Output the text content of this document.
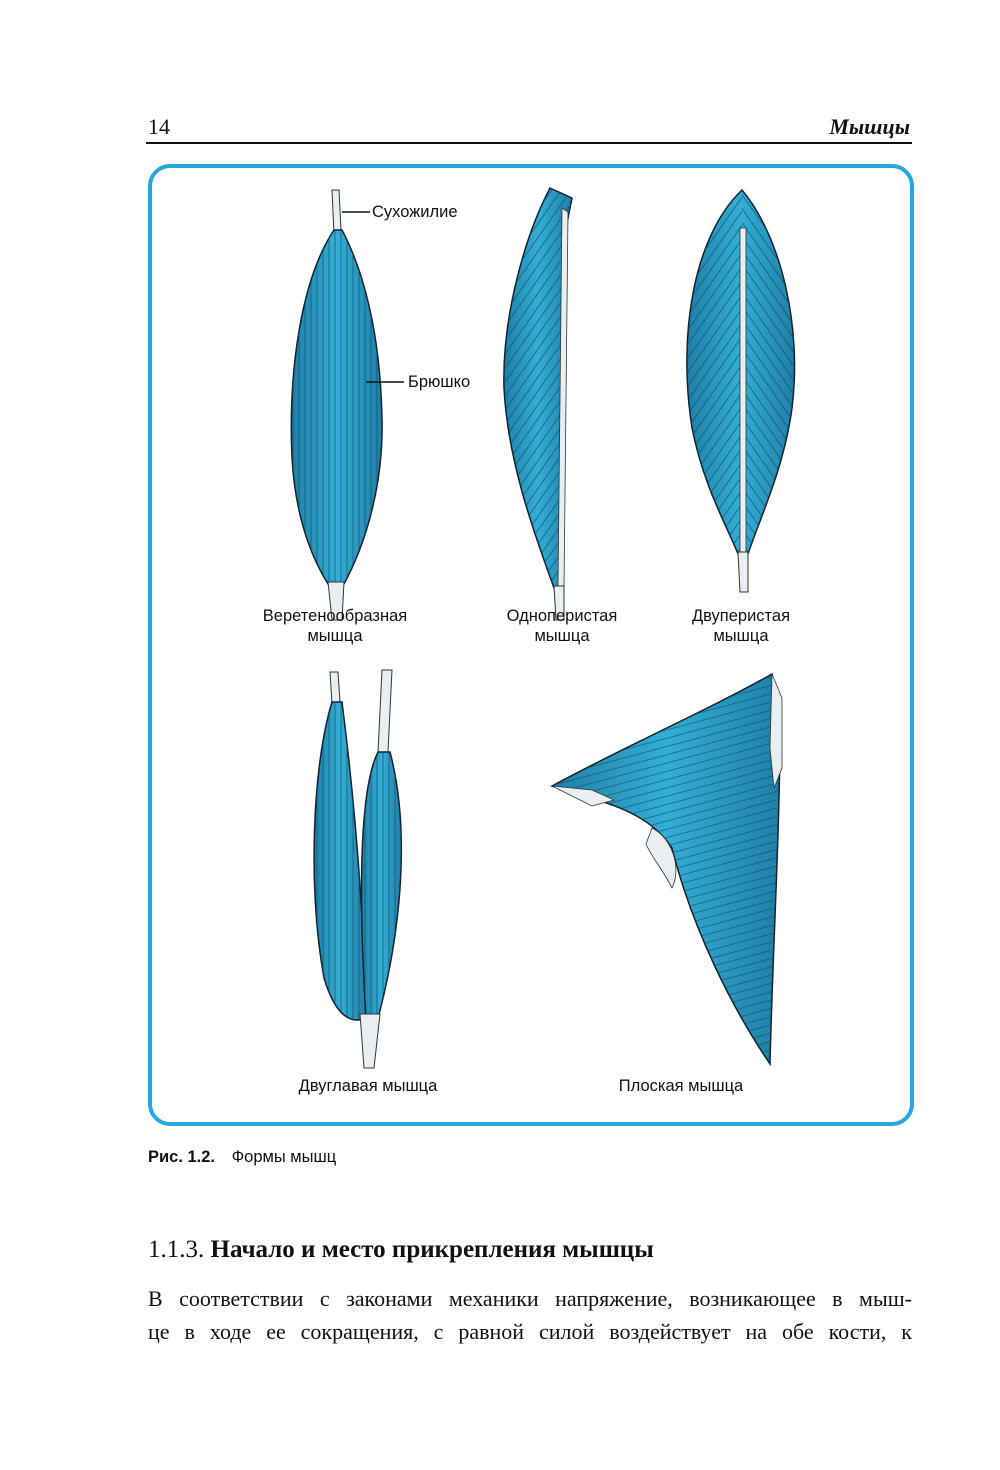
14	Мышцы
Сухожилие
Брюшко
Веретенообразная
мышца
Одноперистая
мышца
Двуперистая
мышца
Двуглавая мышца	Плоская мышца
Рис. 1.2. Формы мышц
1.1.3. Начало и место прикрепления мышцы
В соответствии с законами механики напряжение, возникающее в мыш-
це в ходе ее сокращения, с равной силой воздействует на обе кости, к
